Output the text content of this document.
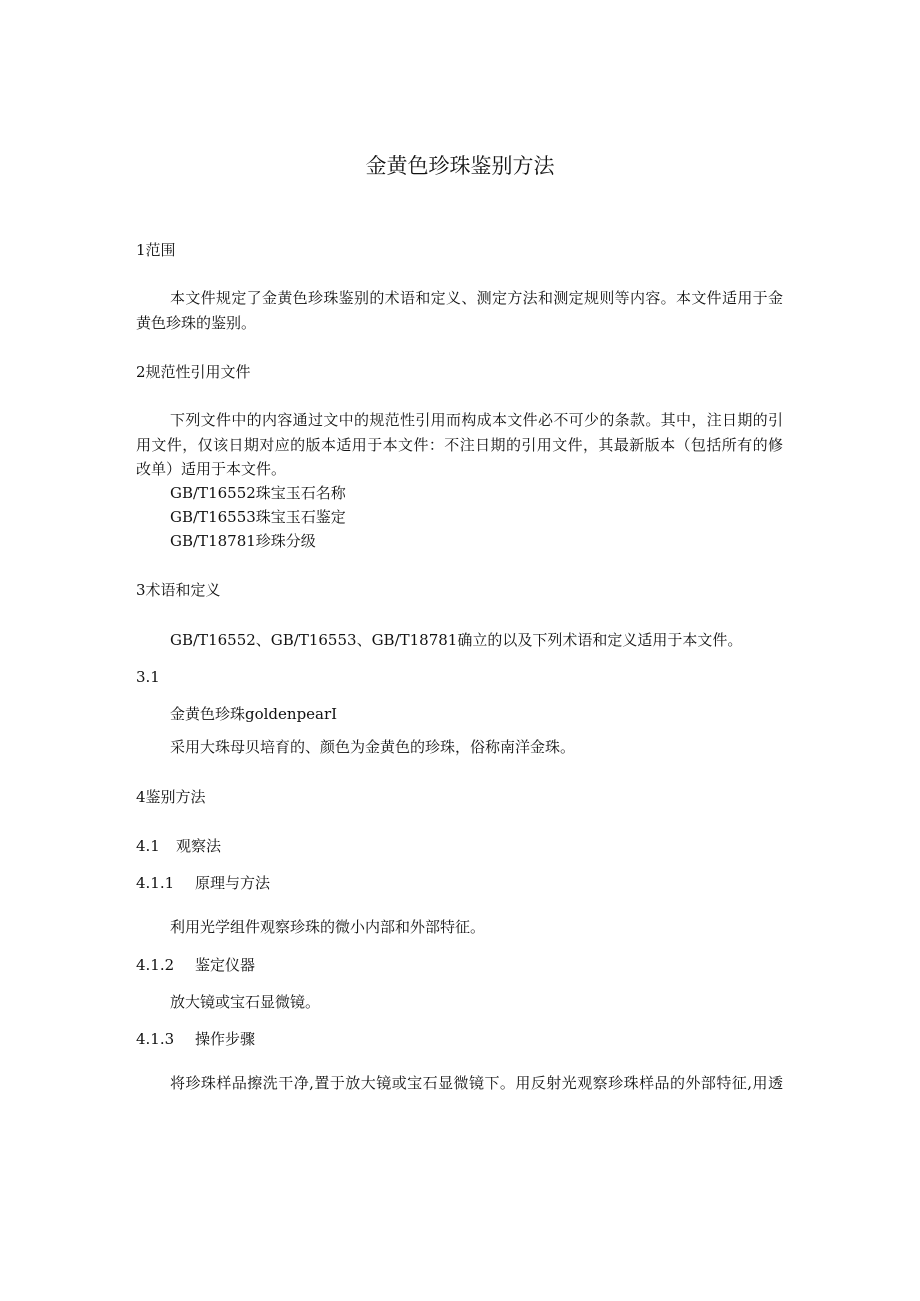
金黄色珍珠鉴别方法
1范围
本文件规定了金黄色珍珠鉴别的术语和定义、测定方法和测定规则等内容。本文件适用于金
黄色珍珠的鉴别。
2规范性引用文件
下列文件中的内容通过文中的规范性引用而构成本文件必不可少的条款。其中，注日期的引
用文件，仅该日期对应的版本适用于本文件：不注日期的引用文件，其最新版本（包括所有的修
改单）适用于本文件。
GB/T16552珠宝玉石名称
GB/T16553珠宝玉石鉴定
GB/T18781珍珠分级
3术语和定义
GB/T16552、GB/T16553、GB/T18781确立的以及下列术语和定义适用于本文件。
3.1
金黄色珍珠goldenpearI
采用大珠母贝培育的、颜色为金黄色的珍珠，俗称南洋金珠。
4鉴别方法
4.1 观察法
4.1.1 原理与方法
利用光学组件观察珍珠的微小内部和外部特征。
4.1.2 鉴定仪器
放大镜或宝石显微镜。
4.1.3 操作步骤
将珍珠样品擦洗干净,置于放大镜或宝石显微镜下。用反射光观察珍珠样品的外部特征,用透
